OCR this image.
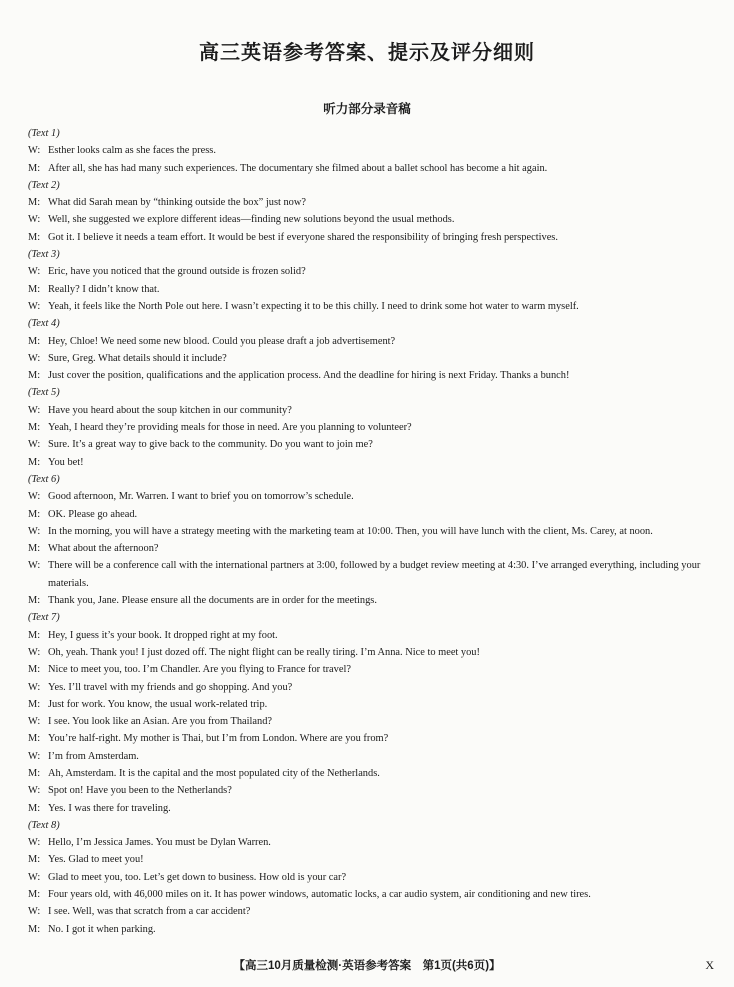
高三英语参考答案、提示及评分细则
听力部分录音稿

(Text 1)

W: Esther looks calm as she faces the press.

M: After all, she has had many such experiences. The documentary she filmed about a ballet school has become a hit again.

(Text 2)

M: What did Sarah mean by “thinking outside the box” just now?

W: Well, she suggested we explore different ideas—finding new solutions beyond the usual methods.

M: Got it. I believe it needs a team effort. It would be best if everyone shared the responsibility of bringing fresh perspectives.

(Text 3)

W: Eric, have you noticed that the ground outside is frozen solid?

M: Really? I didn’t know that.

W: Yeah, it feels like the North Pole out here. I wasn’t expecting it to be this chilly. I need to drink some hot water to warm myself.

(Text 4)

M: Hey, Chloe! We need some new blood. Could you please draft a job advertisement?

W: Sure, Greg. What details should it include?

M: Just cover the position, qualifications and the application process. And the deadline for hiring is next Friday. Thanks a bunch!

(Text 5)

W: Have you heard about the soup kitchen in our community?

M: Yeah, I heard they’re providing meals for those in need. Are you planning to volunteer?

W: Sure. It’s a great way to give back to the community. Do you want to join me?

M: You bet!

(Text 6)

W: Good afternoon, Mr. Warren. I want to brief you on tomorrow’s schedule.

M: OK. Please go ahead.

W: In the morning, you will have a strategy meeting with the marketing team at 10:00. Then, you will have lunch with the client, Ms. Carey, at noon.

M: What about the afternoon?

W: There will be a conference call with the international partners at 3:00, followed by a budget review meeting at 4:30. I’ve arranged everything, including your materials.

M: Thank you, Jane. Please ensure all the documents are in order for the meetings.

(Text 7)

M: Hey, I guess it’s your book. It dropped right at my foot.

W: Oh, yeah. Thank you! I just dozed off. The night flight can be really tiring. I’m Anna. Nice to meet you!

M: Nice to meet you, too. I’m Chandler. Are you flying to France for travel?

W: Yes. I’ll travel with my friends and go shopping. And you?

M: Just for work. You know, the usual work-related trip.

W: I see. You look like an Asian. Are you from Thailand?

M: You’re half-right. My mother is Thai, but I’m from London. Where are you from?

W: I’m from Amsterdam.

M: Ah, Amsterdam. It is the capital and the most populated city of the Netherlands.

W: Spot on! Have you been to the Netherlands?

M: Yes. I was there for traveling.

(Text 8)

W: Hello, I’m Jessica James. You must be Dylan Warren.

M: Yes. Glad to meet you!

W: Glad to meet you, too. Let’s get down to business. How old is your car?

M: Four years old, with 46,000 miles on it. It has power windows, automatic locks, a car audio system, air conditioning and new tires.

W: I see. Well, was that scratch from a car accident?

M: No. I got it when parking.

【高三10月质量检测·英语参考答案　第1页(共6页)】	X
